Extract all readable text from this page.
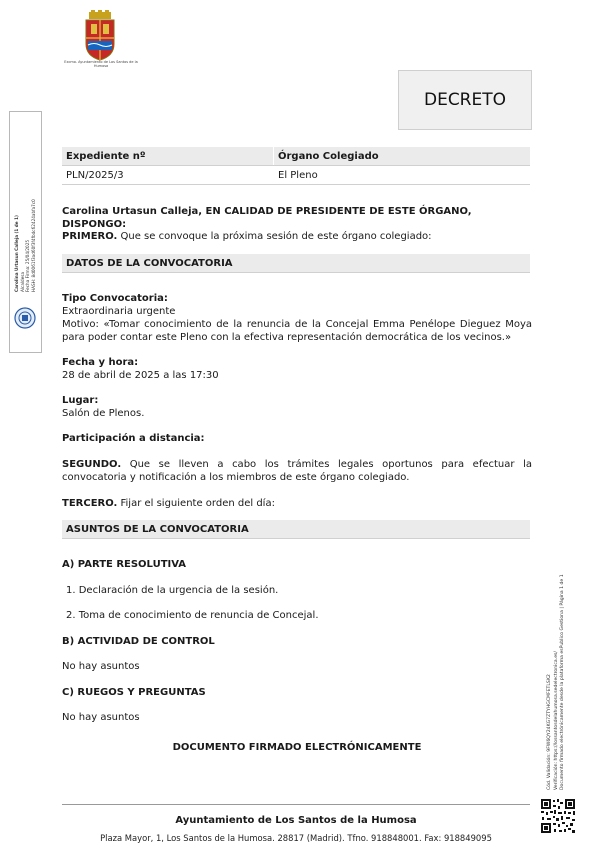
Excmo. Ayuntamiento de Los Santos de la Humosa
DECRETO
Carolina Urtasun Calleja (1 de 1) Alcaldesa Fecha Firma: 25/04/2025 HASH: 8d0061f3ad60f3f4fbdc62424abfa7c0
Expediente nº	Órgano Colegiado
PLN/2025/3	El Pleno
Carolina Urtasun Calleja, EN CALIDAD DE PRESIDENTE DE ESTE ÓRGANO, DISPONGO:
PRIMERO. Que se convoque la próxima sesión de este órgano colegiado:
DATOS DE LA CONVOCATORIA
Tipo Convocatoria:
Extraordinaria urgente
Motivo: «Tomar conocimiento de la renuncia de la Concejal Emma Penélope Dieguez Moya para poder contar este Pleno con la efectiva representación democrática de los vecinos.»
Fecha y hora:
28 de abril de 2025 a las 17:30
Lugar:
Salón de Plenos.
Participación a distancia:
SEGUNDO. Que se lleven a cabo los trámites legales oportunos para efectuar la convocatoria y notificación a los miembros de este órgano colegiado.
TERCERO. Fijar el siguiente orden del día:
ASUNTOS DE LA CONVOCATORIA
A) PARTE RESOLUTIVA
1. Declaración de la urgencia de la sesión.
2. Toma de conocimiento de renuncia de Concejal.
B) ACTIVIDAD DE CONTROL
No hay asuntos
C) RUEGOS Y PREGUNTAS
No hay asuntos
DOCUMENTO FIRMADO ELECTRÓNICAMENTE	Cód. Validación: 9FW6QY24KG7ZTYHGCMFETLSK2 Verificación: https://lossantosdelahumosa.sedelectronica.es/ Documento firmado electrónicamente desde la plataforma esPublico Gestiona | Página 1 de 1
Ayuntamiento de Los Santos de la Humosa
Plaza Mayor, 1, Los Santos de la Humosa. 28817 (Madrid). Tfno. 918848001. Fax: 918849095
